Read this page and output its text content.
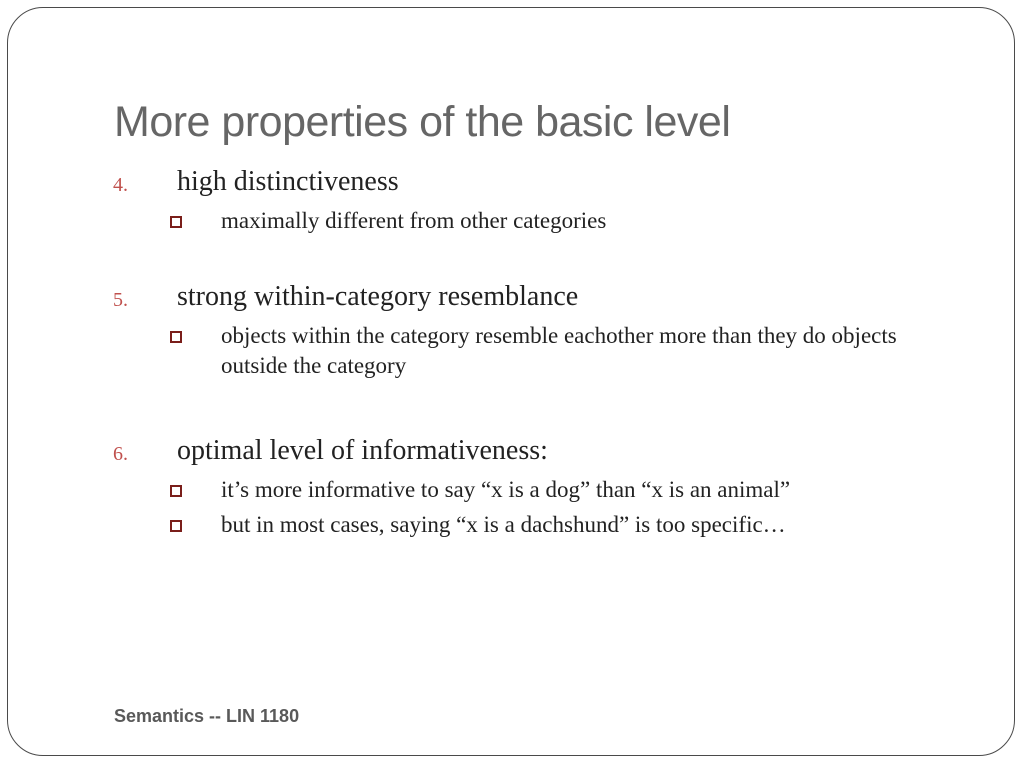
More properties of the basic level
4. high distinctiveness
maximally different from other categories
5. strong within-category resemblance
objects within the category resemble eachother more than they do objects outside the category
6. optimal level of informativeness:
it’s more informative to say “x is a dog” than “x is an animal”
but in most cases, saying “x is a dachshund” is too specific…
Semantics -- LIN 1180
